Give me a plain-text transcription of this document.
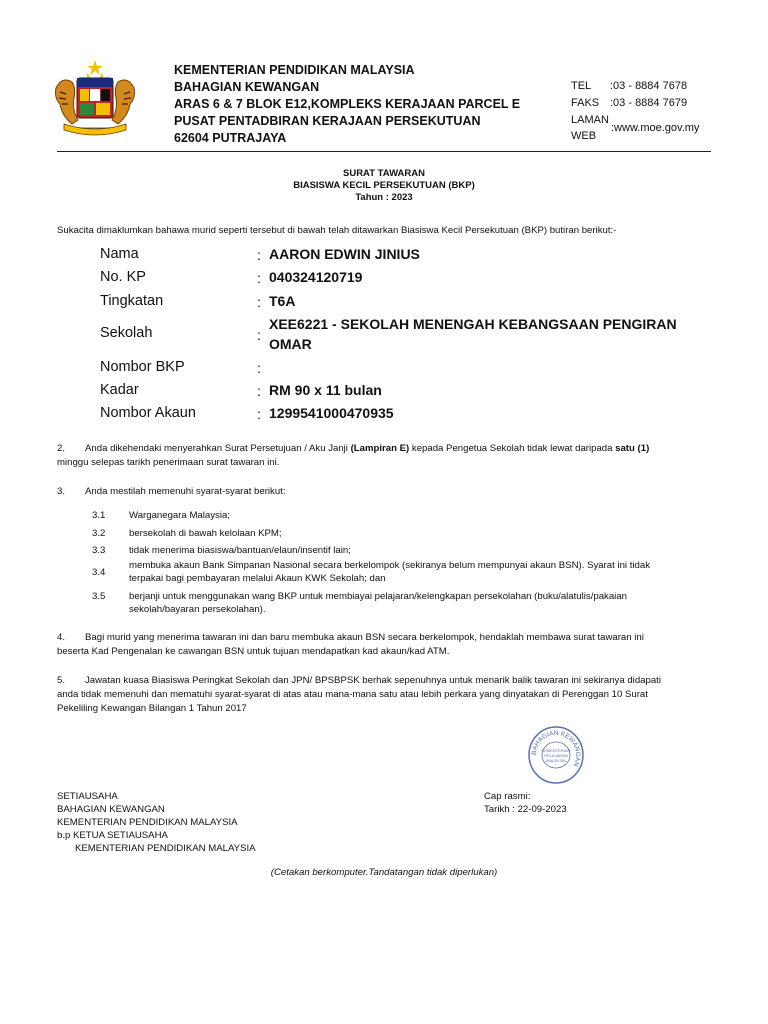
KEMENTERIAN PENDIDIKAN MALAYSIA
BAHAGIAN KEWANGAN
ARAS 6 & 7 BLOK E12,KOMPLEKS KERAJAAN PARCEL E
PUSAT PENTADBIRAN KERAJAAN PERSEKUTUAN
62604 PUTRAJAYA
TEL :03 - 8884 7678
FAKS :03 - 8884 7679
LAMAN
WEB
:www.moe.gov.my
SURAT TAWARAN
BIASISWA KECIL PERSEKUTUAN (BKP)
Tahun : 2023
Sukacita dimaklumkan bahawa murid seperti tersebut di bawah telah ditawarkan Biasiswa Kecil Persekutuan (BKP) butiran berikut:-
Nama	: AARON EDWIN JINIUS
No. KP	: 040324120719
Tingkatan	: T6A
Sekolah	:
XEE6221 - SEKOLAH MENENGAH KEBANGSAAN PENGIRAN
OMAR
Nombor BKP	:
Kadar	: RM 90 x 11 bulan
Nombor Akaun	: 1299541000470935
2. Anda dikehendaki menyerahkan Surat Persetujuan / Aku Janji (Lampiran E) kepada Pengetua Sekolah tidak lewat daripada satu (1)
minggu selepas tarikh penerimaan surat tawaran ini.
3. Anda mestilah memenuhi syarat-syarat berikut:
3.1 Warganegara Malaysia;
3.2 bersekolah di bawah kelolaan KPM;
3.3 tidak menerima biasiswa/bantuan/elaun/insentif lain;
3.4
membuka akaun Bank Simpanan Nasional secara berkelompok (sekiranya belum mempunyai akaun BSN). Syarat ini tidak
terpakai bagi pembayaran melalui Akaun KWK Sekolah; dan
3.5 berjanji untuk menggunakan wang BKP untuk membiayai pelajaran/kelengkapan persekolahan (buku/alatulis/pakaian
sekolah/bayaran persekolahan).
4. Bagi murid yang menerima tawaran ini dan baru membuka akaun BSN secara berkelompok, hendaklah membawa surat tawaran ini
beserta Kad Pengenalan ke cawangan BSN untuk tujuan mendapatkan kad akaun/kad ATM.
5. Jawatan kuasa Biasiswa Peringkat Sekolah dan JPN/ BPSBPSK berhak sepenuhnya untuk menarik balik tawaran ini sekiranya didapati
anda tidak memenuhi dan mematuhi syarat-syarat di atas atau mana-mana satu atau lebih perkara yang dinyatakan di Perenggan 10 Surat
Pekeliling Kewangan Bilangan 1 Tahun 2017
BAHAGIAN KEWANGAN
KEMENTERIAN
PELAJARAN
MALAYSIA
SETIAUSAHA
BAHAGIAN KEWANGAN
KEMENTERIAN PENDIDIKAN MALAYSIA
b.p KETUA SETIAUSAHA
KEMENTERIAN PENDIDIKAN MALAYSIA
Cap rasmi:
Tarikh : 22-09-2023
(Cetakan berkomputer.Tandatangan tidak diperlukan)
